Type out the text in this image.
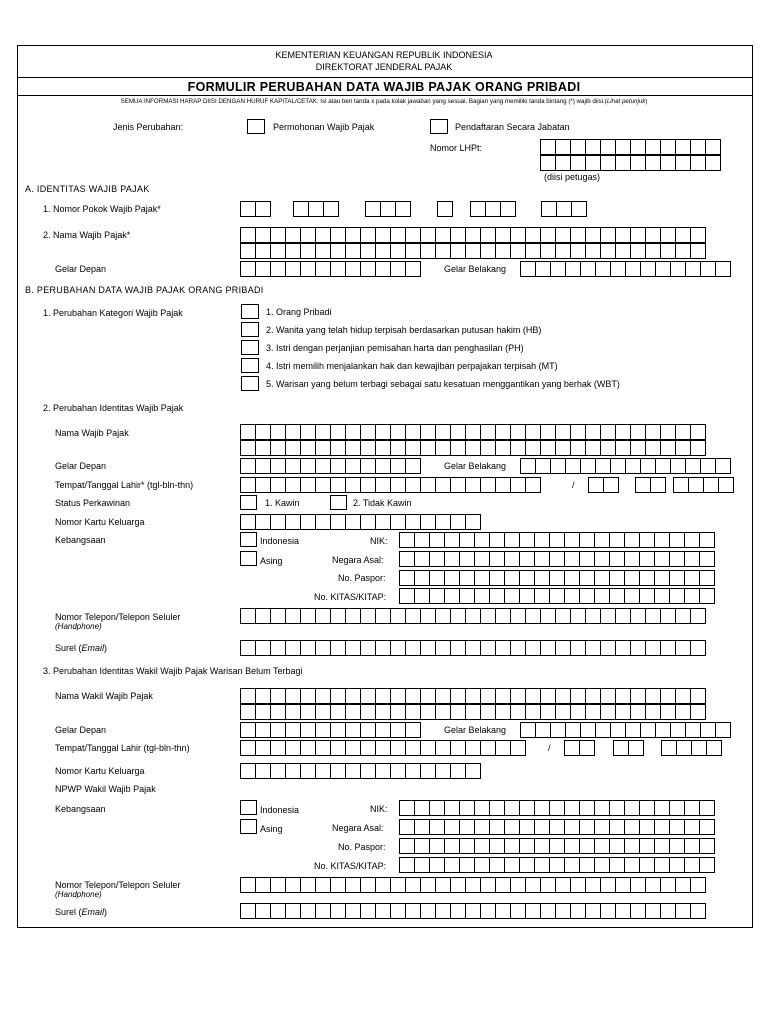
KEMENTERIAN KEUANGAN REPUBLIK INDONESIA
DIREKTORAT JENDERAL PAJAK
FORMULIR PERUBAHAN DATA WAJIB PAJAK ORANG PRIBADI
SEMUA INFORMASI HARAP DIISI DENGAN HURUF KAPITAL/CETAK. Isi atau beri tanda x pada kolak jawaban yang sesuai. Bagian yang memiliki tanda bintang (*) wajib diisi.(Lihat petunjuk)
Jenis Perubahan:	Permohonan Wajib Pajak	Pendaftaran Secara Jabatan
Nomor LHPt:
(diisi petugas)
A. IDENTITAS WAJIB PAJAK
1. Nomor Pokok Wajib Pajak*
2. Nama Wajib Pajak*
Gelar Depan	Gelar Belakang
B. PERUBAHAN DATA WAJIB PAJAK ORANG PRIBADI
1. Perubahan Kategori Wajib Pajak	1. Orang Pribadi
2. Wanita yang telah hidup terpisah berdasarkan putusan hakim (HB)
3. Istri dengan perjanjian pemisahan harta dan penghasilan (PH)
4. Istri memilih menjalankan hak dan kewajiban perpajakan terpisah (MT)
5. Warisan yang belum terbagi sebagai satu kesatuan menggantikan yang berhak (WBT)
2. Perubahan Identitas Wajib Pajak
Nama Wajib Pajak
Gelar Depan	Gelar Belakang
Tempat/Tanggal Lahir* (tgl-bln-thn)	/
Status Perkawinan	1. Kawin	2. Tidak Kawin
Nomor Kartu Keluarga
Kebangsaan	Indonesia	NIK:
Asing	Negara Asal:
No. Paspor:
No. KITAS/KITAP:
Nomor Telepon/Telepon Seluler
(Handphone)
Surel (Email)
3. Perubahan Identitas Wakil Wajib Pajak Warisan Belum Terbagi
Nama Wakil Wajib Pajak
Gelar Depan	Gelar Belakang
Tempat/Tanggal Lahir (tgl-bln-thn)	/
Nomor Kartu Keluarga
NPWP Wakil Wajib Pajak
Kebangsaan	Indonesia	NIK:
Asing	Negara Asal:
No. Paspor:
No. KITAS/KITAP:
Nomor Telepon/Telepon Seluler
(Handphone)
Surel (Email)
